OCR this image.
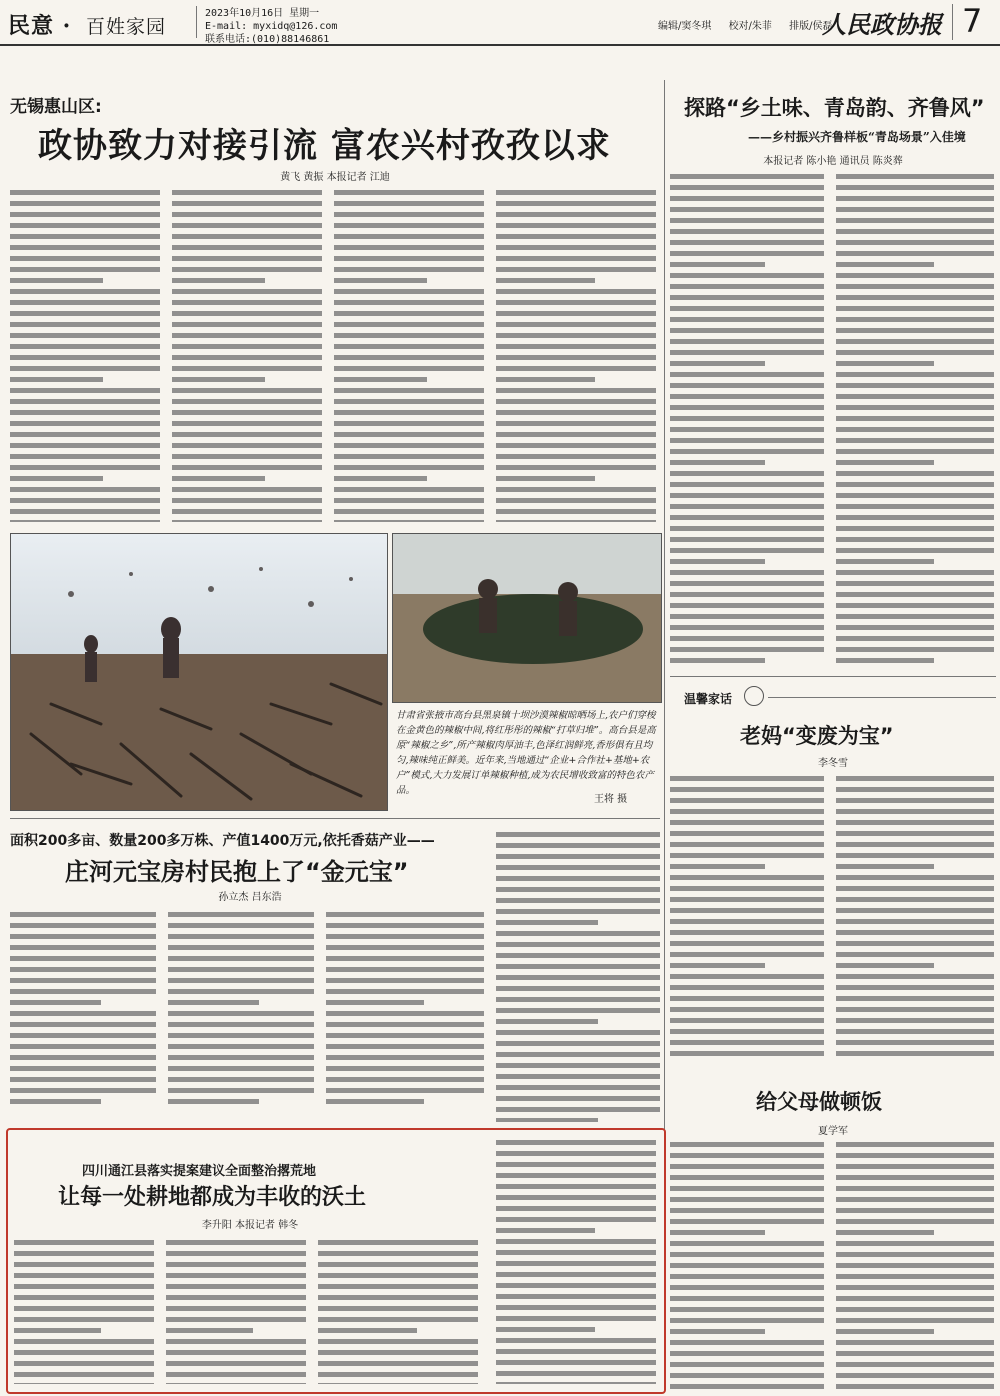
民意 · 百姓家园
2023年10月16日 星期一
E-mail: myxidq@126.com
联系电话:(010)88146861
编辑/窦冬琪 校对/朱菲 排版/侯磊
人民政协报 7
无锡惠山区:
政协致力对接引流 富农兴村孜孜以求
黄飞 黄振 本报记者 江迪
甘肃省张掖市高台县黑泉镇十坝沙漠辣椒晾晒场上,农户们穿梭在金黄色的辣椒中间,将红彤彤的辣椒“打草归堆”。高台县是高原“辣椒之乡”,所产辣椒肉厚油丰,色泽红润鲜亮,香形俱有且均匀,辣味纯正鲜美。近年来,当地通过“企业+合作社+基地+农户”模式,大力发展订单辣椒种植,成为农民增收致富的特色农产品。
王将 摄
面积200多亩、数量200多万株、产值1400万元,依托香菇产业——
庄河元宝房村民抱上了“金元宝”
孙立杰 吕东浩
四川通江县落实提案建议全面整治撂荒地
让每一处耕地都成为丰收的沃土
李升阳 本报记者 韩冬
探路“乡土味、青岛韵、齐鲁风”
——乡村振兴齐鲁样板“青岛场景”入佳境
本报记者 陈小艳 通讯员 陈炎葬
温馨家话
老妈“变废为宝”
李冬雪
给父母做顿饭
夏学军
